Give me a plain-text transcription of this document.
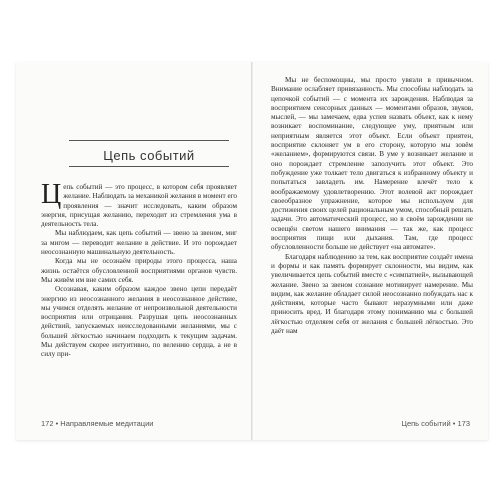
Цепь событий

Цепь событий — это процесс, в котором себя проявляет желание. Наблюдать за механикой желания в момент его проявления — значит исследовать, каким образом энергия, присущая желанию, переходит из стремления ума в деятельность тела.

Мы наблюдаем, как цепь событий — звено за звеном, миг за мигом — переводит желание в действие. И это порождает неосознанную машинальную деятельность.

Когда мы не осознаём природы этого процесса, наша жизнь остаётся обусловленной восприятиями органов чувств. Мы живём им вне самих себя.

Осознавая, каким образом каждое звено цепи передаёт энергию из неосознанного желания в неосознанное действие, мы учимся отделять желание от непроизвольной деятельности восприятия или отрицания. Разрушая цепь неосознанных действий, запускаемых неисследованными желаниями, мы с большей лёгкостью начинаем подходить к текущим задачам. Мы действуем скорее интуитивно, по велению сердца, а не в силу при-

172 • Направляемые медитации

Мы не беспомощны, мы просто увязли в привычном. Внимание ослабляет привязанность. Мы способны наблюдать за цепочкой событий — с момента их зарождения. Наблюдая за восприятием сенсорных данных — моментами образов, звуков, мыслей, — мы замечаем, едва успев назвать объект, как к нему возникает воспоминание, следующее уму, приятным или неприятным является этот объект. Если объект приятен, восприятие склоняет ум в его сторону, которую мы зовём «желанием», формируются связи. В уме у возникает желание и оно порождает стремление заполучить этот объект. Это побуждение уже толкает тело двигаться к избранному объекту и попытаться завладеть им. Намерение влечёт тело к воображаемому удовлетворению. Этот волевой акт порождает своеобразное упражнение, которое мы используем для достижения своих целей рациональным умом, способный решать задачи. Это автоматический процесс, но в своём зарождении не освещён светом нашего внимания — так же, как процесс восприятия пищи или дыхания. Там, где процесс обусловленности больше не действует «на автомате».

Благодаря наблюдению за тем, как восприятие создаёт имена и формы и как память формирует склонности, мы видим, как увеличивается цепь событий вместе с «симпатией», вызывающей желание. Звено за звеном сознание мотивирует намерение. Мы видим, как желание обладает силой неосознанно побуждать нас к действиям, которые часто бывают неразумными или даже приносить вред. И благодаря этому пониманию мы с большей лёгкостью отделяем себя от желания с большей лёгкостью. Это даёт нам

Цепь событий • 173
